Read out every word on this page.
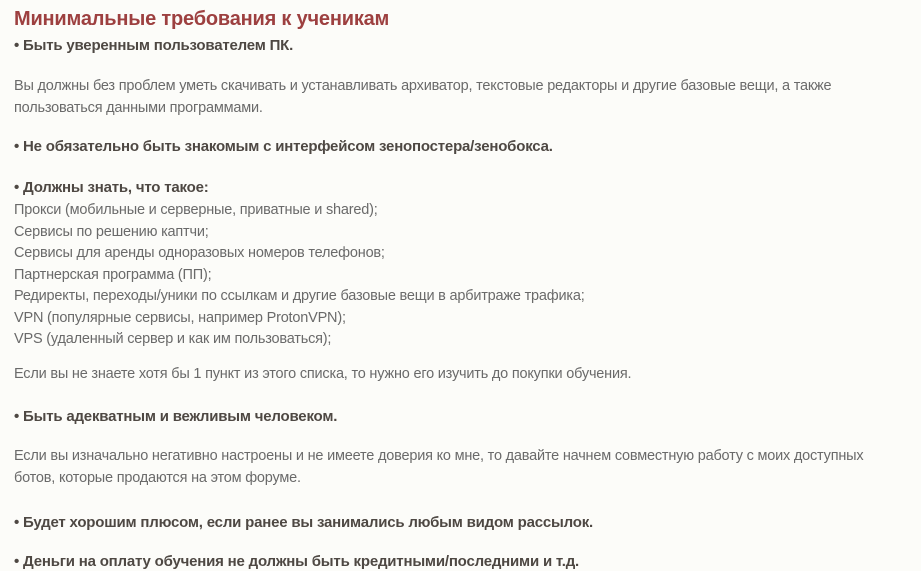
Минимальные требования к ученикам

• Быть уверенным пользователем ПК.

Вы должны без проблем уметь скачивать и устанавливать архиватор, текстовые редакторы и другие базовые вещи, а также пользоваться данными программами.

• Не обязательно быть знакомым с интерфейсом зенопостера/зенобокса.

• Должны знать, что такое:

Прокси (мобильные и серверные, приватные и shared);
Сервисы по решению каптчи;
Сервисы для аренды одноразовых номеров телефонов;
Партнерская программа (ПП);
Редиректы, переходы/уники по ссылкам и другие базовые вещи в арбитраже трафика;
VPN (популярные сервисы, например ProtonVPN);
VPS (удаленный сервер и как им пользоваться);

Если вы не знаете хотя бы 1 пункт из этого списка, то нужно его изучить до покупки обучения.

• Быть адекватным и вежливым человеком.

Если вы изначально негативно настроены и не имеете доверия ко мне, то давайте начнем совместную работу с моих доступных ботов, которые продаются на этом форуме.

• Будет хорошим плюсом, если ранее вы занимались любым видом рассылок.

• Деньги на оплату обучения не должны быть кредитными/последними и т.д.
